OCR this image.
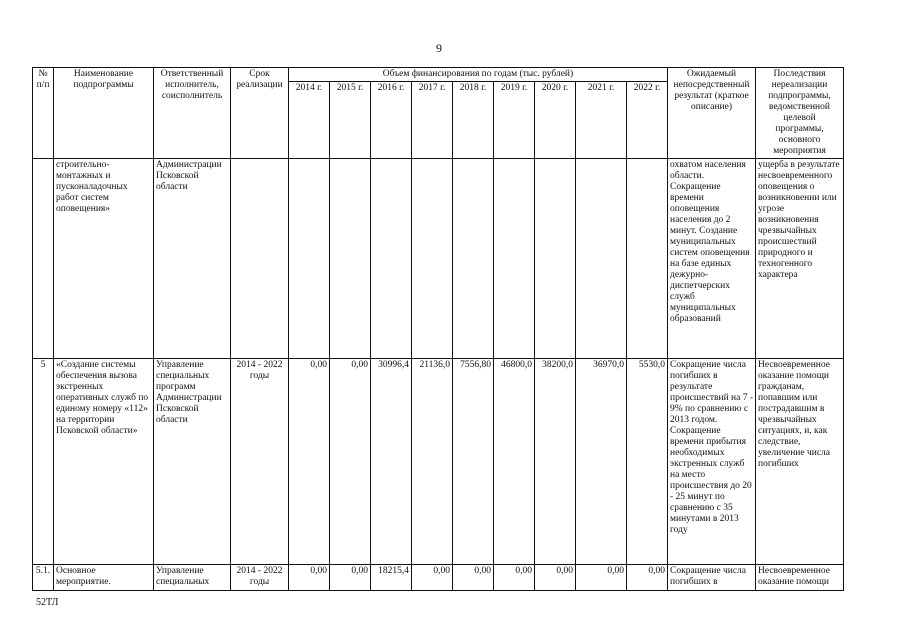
9
№ п/п	Наименование подпрограммы	Ответственный исполнитель, соисполнитель	Срок реализации	Объем финансирования по годам (тыс. рублей)									Ожидаемый непосредственный результат (краткое описание)	Последствия нереализации подпрограммы, ведомственной целевой программы, основного мероприятия
				2014 г.	2015 г.	2016 г.	2017 г.	2018 г.	2019 г.	2020 г.	2021 г.	2022 г.		
	строительно-монтажных и пусконаладочных работ систем оповещения»	Администрации Псковской области											охватом населения области. Сокращение времени оповещения населения до 2 минут. Создание муниципальных систем оповещения на базе единых дежурно-диспетчерских служб муниципальных образований	ущерба в результате несвоевременного оповещения о возникновении или угрозе возникновения чрезвычайных происшествий природного и техногенного характера
5	«Создание системы обеспечения вызова экстренных оперативных служб по единому номеру «112» на территории Псковской области»	Управление специальных программ Администрации Псковской области	2014 - 2022 годы	0,00	0,00	30996,4	21136,0	7556,80	46800,0	38200,0	36970,0	5530,0	Сокращение числа погибших в результате происшествий на 7 - 9% по сравнению с 2013 годом. Сокращение времени прибытия необходимых экстренных служб на место происшествия до 20 - 25 минут по сравнению с 35 минутами в 2013 году	Несвоевременное оказание помощи гражданам, попавшим или пострадавшим в чрезвычайных ситуациях, и, как следствие, увеличение числа погибших
5.1.	Основное мероприятие.	Управление специальных	2014 - 2022 годы	0,00	0,00	18215,4	0,00	0,00	0,00	0,00	0,00	0,00	Сокращение числа погибших в	Несвоевременное оказание помощи
52ТЛ
